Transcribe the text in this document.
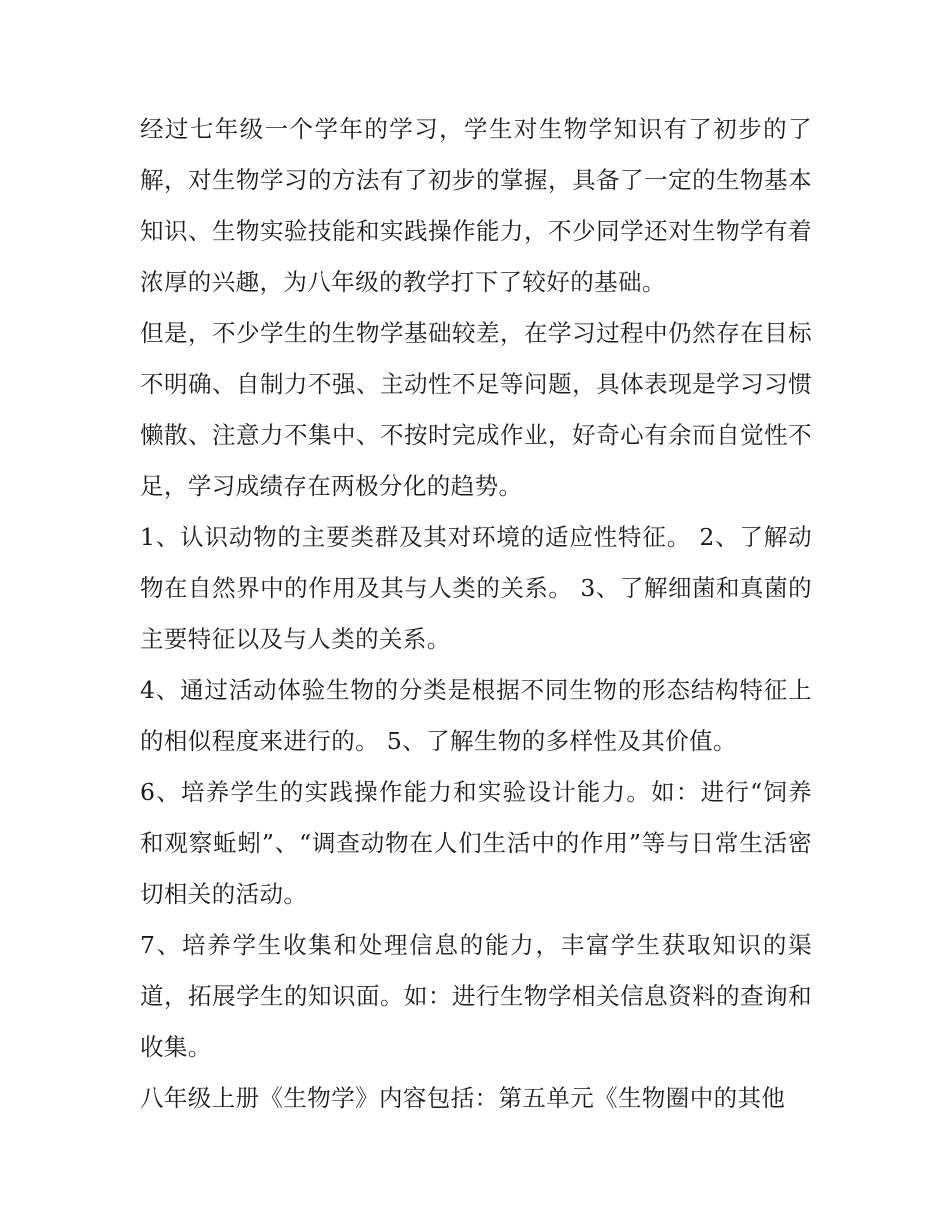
经过七年级一个学年的学习，学生对生物学知识有了初步的了解，对生物学习的方法有了初步的掌握，具备了一定的生物基本知识、生物实验技能和实践操作能力，不少同学还对生物学有着浓厚的兴趣，为八年级的教学打下了较好的基础。

但是，不少学生的生物学基础较差，在学习过程中仍然存在目标不明确、自制力不强、主动性不足等问题，具体表现是学习习惯懒散、注意力不集中、不按时完成作业，好奇心有余而自觉性不足，学习成绩存在两极分化的趋势。

1、认识动物的主要类群及其对环境的适应性特征。 2、了解动物在自然界中的作用及其与人类的关系。 3、了解细菌和真菌的主要特征以及与人类的关系。

4、通过活动体验生物的分类是根据不同生物的形态结构特征上的相似程度来进行的。 5、了解生物的多样性及其价值。

6、培养学生的实践操作能力和实验设计能力。如：进行“饲养和观察蚯蚓”、“调查动物在人们生活中的作用”等与日常生活密切相关的活动。

7、培养学生收集和处理信息的能力，丰富学生获取知识的渠道，拓展学生的知识面。如：进行生物学相关信息资料的查询和收集。

八年级上册《生物学》内容包括：第五单元《生物圈中的其他
